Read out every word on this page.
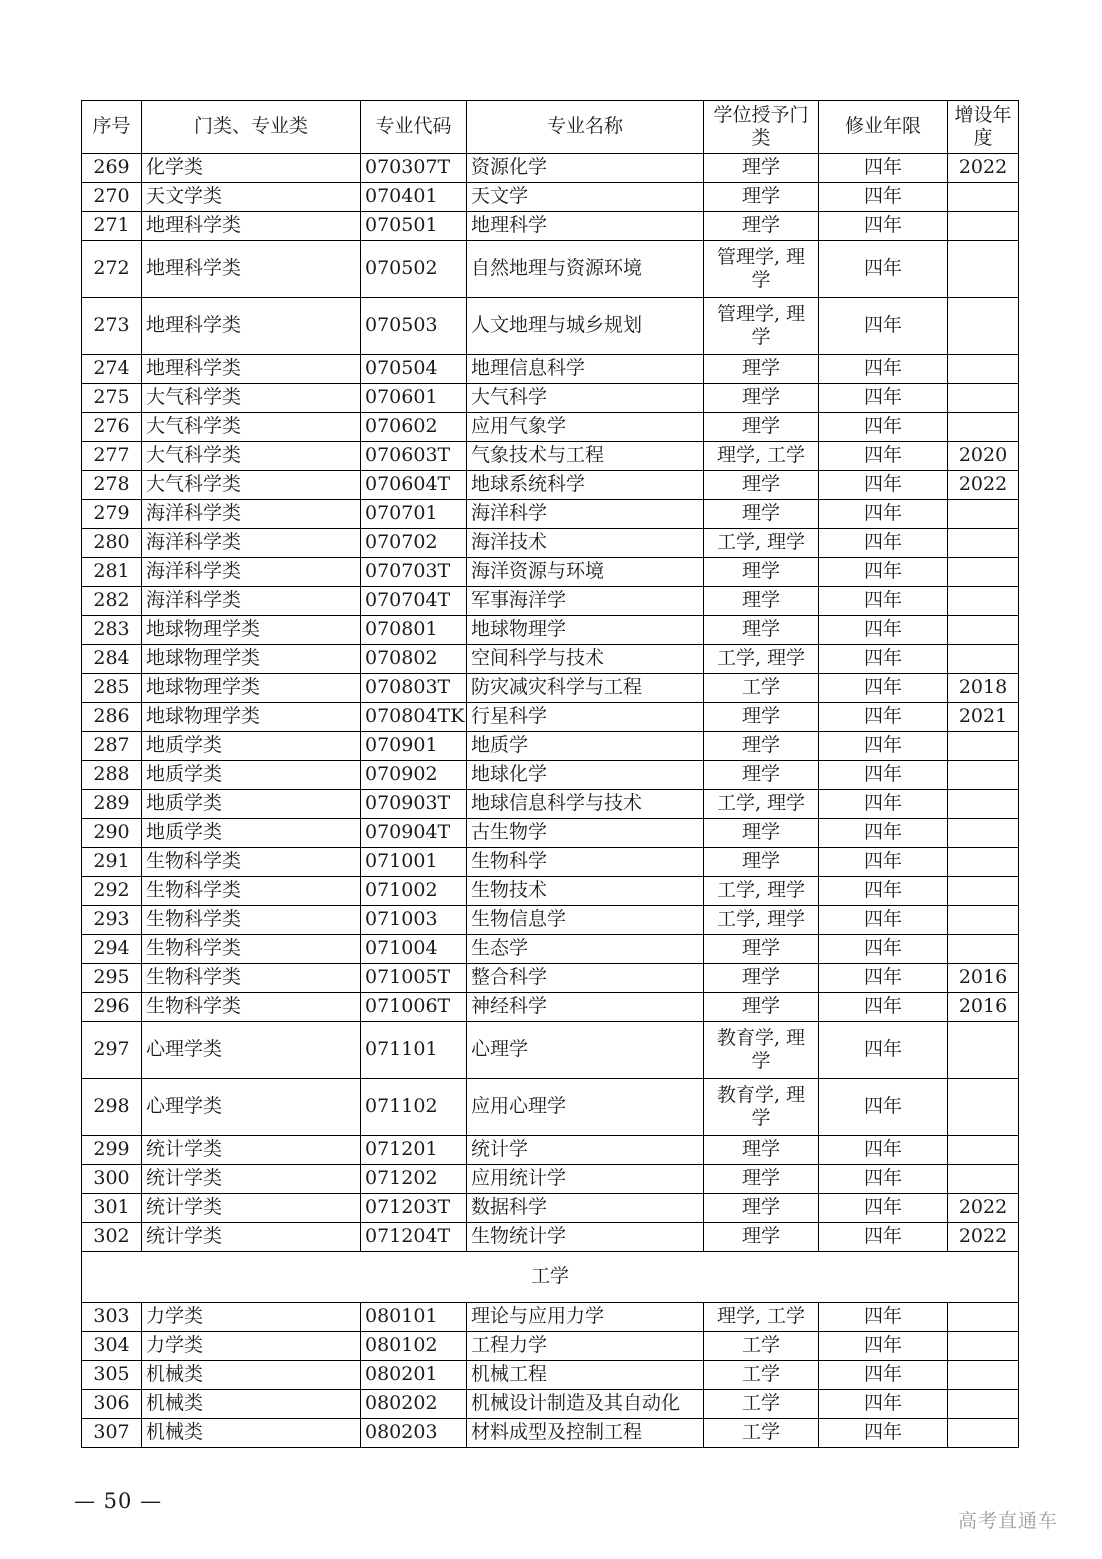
序号	门类、专业类	专业代码	专业名称	学位授予门类	修业年限	增设年度
269	化学类	070307T	资源化学	理学	四年	2022
270	天文学类	070401	天文学	理学	四年	
271	地理科学类	070501	地理科学	理学	四年	
272	地理科学类	070502	自然地理与资源环境	管理学, 理学	四年	
273	地理科学类	070503	人文地理与城乡规划	管理学, 理学	四年	
274	地理科学类	070504	地理信息科学	理学	四年	
275	大气科学类	070601	大气科学	理学	四年	
276	大气科学类	070602	应用气象学	理学	四年	
277	大气科学类	070603T	气象技术与工程	理学, 工学	四年	2020
278	大气科学类	070604T	地球系统科学	理学	四年	2022
279	海洋科学类	070701	海洋科学	理学	四年	
280	海洋科学类	070702	海洋技术	工学, 理学	四年	
281	海洋科学类	070703T	海洋资源与环境	理学	四年	
282	海洋科学类	070704T	军事海洋学	理学	四年	
283	地球物理学类	070801	地球物理学	理学	四年	
284	地球物理学类	070802	空间科学与技术	工学, 理学	四年	
285	地球物理学类	070803T	防灾减灾科学与工程	工学	四年	2018
286	地球物理学类	070804TK	行星科学	理学	四年	2021
287	地质学类	070901	地质学	理学	四年	
288	地质学类	070902	地球化学	理学	四年	
289	地质学类	070903T	地球信息科学与技术	工学, 理学	四年	
290	地质学类	070904T	古生物学	理学	四年	
291	生物科学类	071001	生物科学	理学	四年	
292	生物科学类	071002	生物技术	工学, 理学	四年	
293	生物科学类	071003	生物信息学	工学, 理学	四年	
294	生物科学类	071004	生态学	理学	四年	
295	生物科学类	071005T	整合科学	理学	四年	2016
296	生物科学类	071006T	神经科学	理学	四年	2016
297	心理学类	071101	心理学	教育学, 理学	四年	
298	心理学类	071102	应用心理学	教育学, 理学	四年	
299	统计学类	071201	统计学	理学	四年	
300	统计学类	071202	应用统计学	理学	四年	
301	统计学类	071203T	数据科学	理学	四年	2022
302	统计学类	071204T	生物统计学	理学	四年	2022
工学						
303	力学类	080101	理论与应用力学	理学, 工学	四年	
304	力学类	080102	工程力学	工学	四年	
305	机械类	080201	机械工程	工学	四年	
306	机械类	080202	机械设计制造及其自动化	工学	四年	
307	机械类	080203	材料成型及控制工程	工学	四年	
— 50 —
高考直通车
